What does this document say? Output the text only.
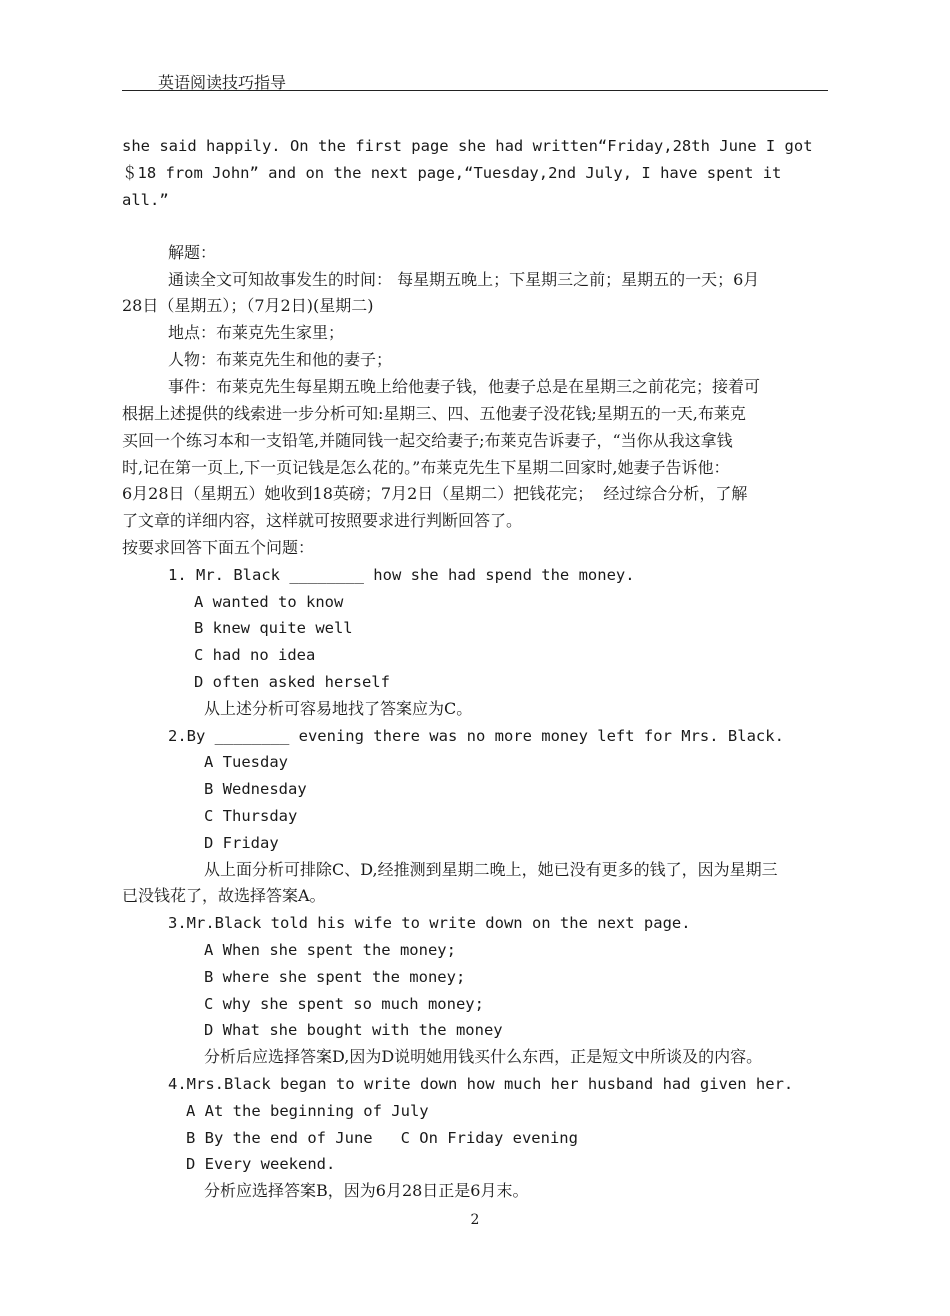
英语阅读技巧指导
she said happily. On the first page she had written“Friday,28th June I got
＄18 from John” and on the next page,“Tuesday,2nd July, I have spent it
all.”
解题：
通读全文可知故事发生的时间： 每星期五晚上；下星期三之前；星期五的一天；6月
28日（星期五）；（7月2日)(星期二)
地点：布莱克先生家里；
人物：布莱克先生和他的妻子；
事件：布莱克先生每星期五晚上给他妻子钱，他妻子总是在星期三之前花完；接着可
根据上述提供的线索进一步分析可知:星期三、四、五他妻子没花钱;星期五的一天,布莱克
买回一个练习本和一支铅笔,并随同钱一起交给妻子;布莱克告诉妻子，“当你从我这拿钱
时,记在第一页上,下一页记钱是怎么花的。”布莱克先生下星期二回家时,她妻子告诉他：
6月28日（星期五）她收到18英磅；7月2日（星期二）把钱花完；  经过综合分析，了解
了文章的详细内容，这样就可按照要求进行判断回答了。
按要求回答下面五个问题：
1. Mr. Black ________ how she had spend the money.
A wanted to know
B knew quite well
C had no idea
D often asked herself
从上述分析可容易地找了答案应为C。
2.By ________ evening there was no more money left for Mrs. Black.
A Tuesday
B Wednesday
C Thursday
D Friday
从上面分析可排除C、D,经推测到星期二晚上，她已没有更多的钱了，因为星期三
已没钱花了，故选择答案A。
3.Mr.Black told his wife to write down on the next page.
A When she spent the money;
B where she spent the money;
C why she spent so much money;
D What she bought with the money
分析后应选择答案D,因为D说明她用钱买什么东西，正是短文中所谈及的内容。
4.Mrs.Black began to write down how much her husband had given her.
A At the beginning of July
B By the end of June   C On Friday evening
D Every weekend.
分析应选择答案B，因为6月28日正是6月末。
2
